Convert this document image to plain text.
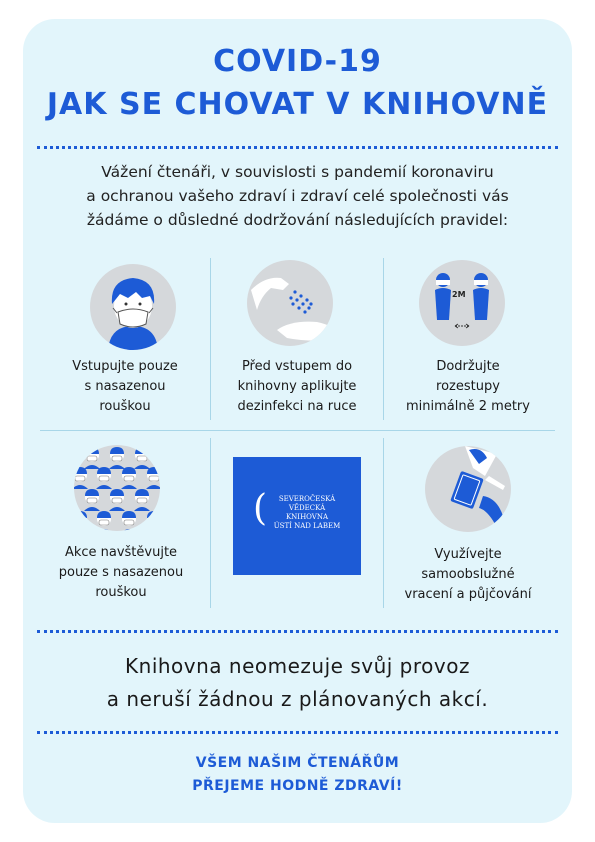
COVID-19
JAK SE CHOVAT V KNIHOVNĚ
Vážení čtenáři, v souvislosti s pandemií koronaviru
a ochranou vašeho zdraví i zdraví celé společnosti vás
žádáme o důsledné dodržování následujících pravidel:
Vstupujte pouze
s nasazenou
rouškou
Před vstupem do
knihovny aplikujte
dezinfekci na ruce
2M
Dodržujte
rozestupy
minimálně 2 metry
Akce navštěvujte
pouze s nasazenou
rouškou
(	SEVEROČESKÁ
VĚDECKÁ
KNIHOVNA
ÚSTÍ NAD LABEM
Využívejte
samoobslužné
vracení a půjčování
Knihovna neomezuje svůj provoz
a neruší žádnou z plánovaných akcí.
VŠEM NAŠIM ČTENÁŘŮM
PŘEJEME HODNĚ ZDRAVÍ!
